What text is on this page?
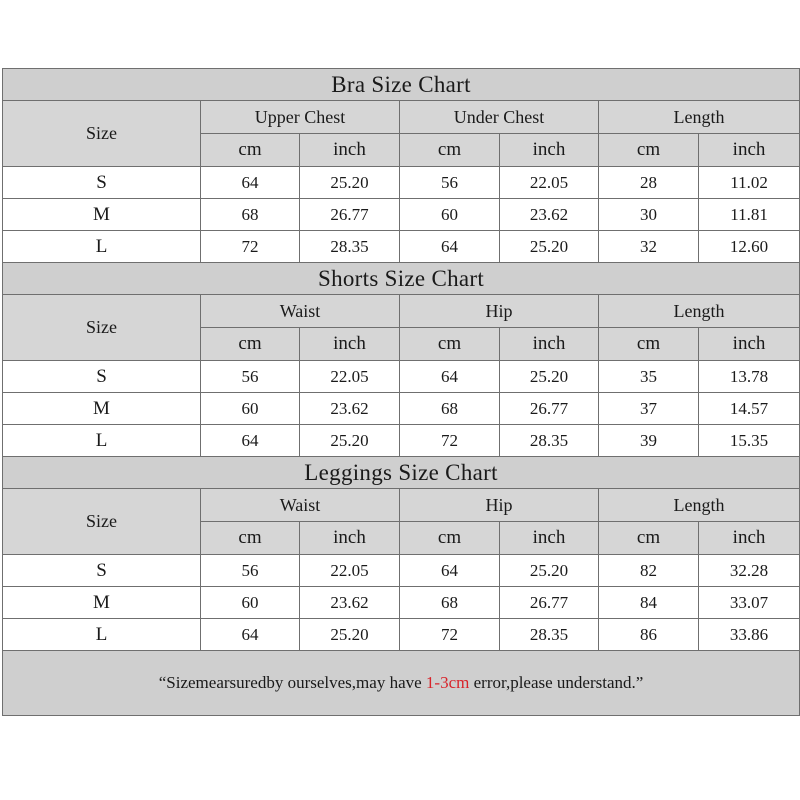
Bra Size Chart						
Size	Upper Chest		Under Chest		Length	
	cm	inch	cm	inch	cm	inch
S	64	25.20	56	22.05	28	11.02
M	68	26.77	60	23.62	30	11.81
L	72	28.35	64	25.20	32	12.60
Shorts Size Chart						
Size	Waist		Hip		Length	
	cm	inch	cm	inch	cm	inch
S	56	22.05	64	25.20	35	13.78
M	60	23.62	68	26.77	37	14.57
L	64	25.20	72	28.35	39	15.35
Leggings Size Chart						
Size	Waist		Hip		Length	
	cm	inch	cm	inch	cm	inch
S	56	22.05	64	25.20	82	32.28
M	60	23.62	68	26.77	84	33.07
L	64	25.20	72	28.35	86	33.86
“Sizemearsuredby ourselves,may have 1-3cm error,please understand.”						
